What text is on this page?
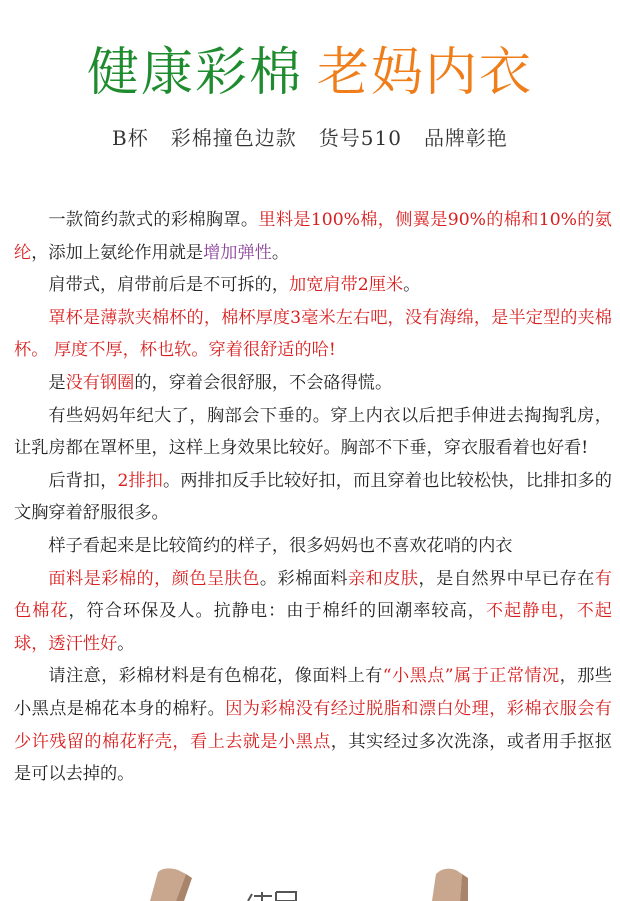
健康彩棉 老妈内衣
B杯 彩棉撞色边款 货号510 品牌彰艳

一款简约款式的彩棉胸罩。里料是100%棉，侧翼是90%的棉和10%的氨纶，添加上氨纶作用就是增加弹性。

肩带式，肩带前后是不可拆的，加宽肩带2厘米。

罩杯是薄款夹棉杯的，棉杯厚度3毫米左右吧，没有海绵，是半定型的夹棉杯。 厚度不厚，杯也软。穿着很舒适的哈!

是没有钢圈的，穿着会很舒服，不会硌得慌。

有些妈妈年纪大了，胸部会下垂的。穿上内衣以后把手伸进去掏掏乳房，让乳房都在罩杯里，这样上身效果比较好。胸部不下垂，穿衣服看着也好看!

后背扣，2排扣。两排扣反手比较好扣，而且穿着也比较松快，比排扣多的文胸穿着舒服很多。

样子看起来是比较简约的样子，很多妈妈也不喜欢花哨的内衣

面料是彩棉的，颜色呈肤色。彩棉面料亲和皮肤，是自然界中早已存在有色棉花，符合环保及人。抗静电：由于棉纤的回潮率较高，不起静电，不起球，透汗性好。

请注意，彩棉材料是有色棉花，像面料上有“小黑点”属于正常情况，那些小黑点是棉花本身的棉籽。因为彩棉没有经过脱脂和漂白处理，彩棉衣服会有少许残留的棉花籽壳，看上去就是小黑点，其实经过多次洗涤，或者用手抠抠是可以去掉的。
